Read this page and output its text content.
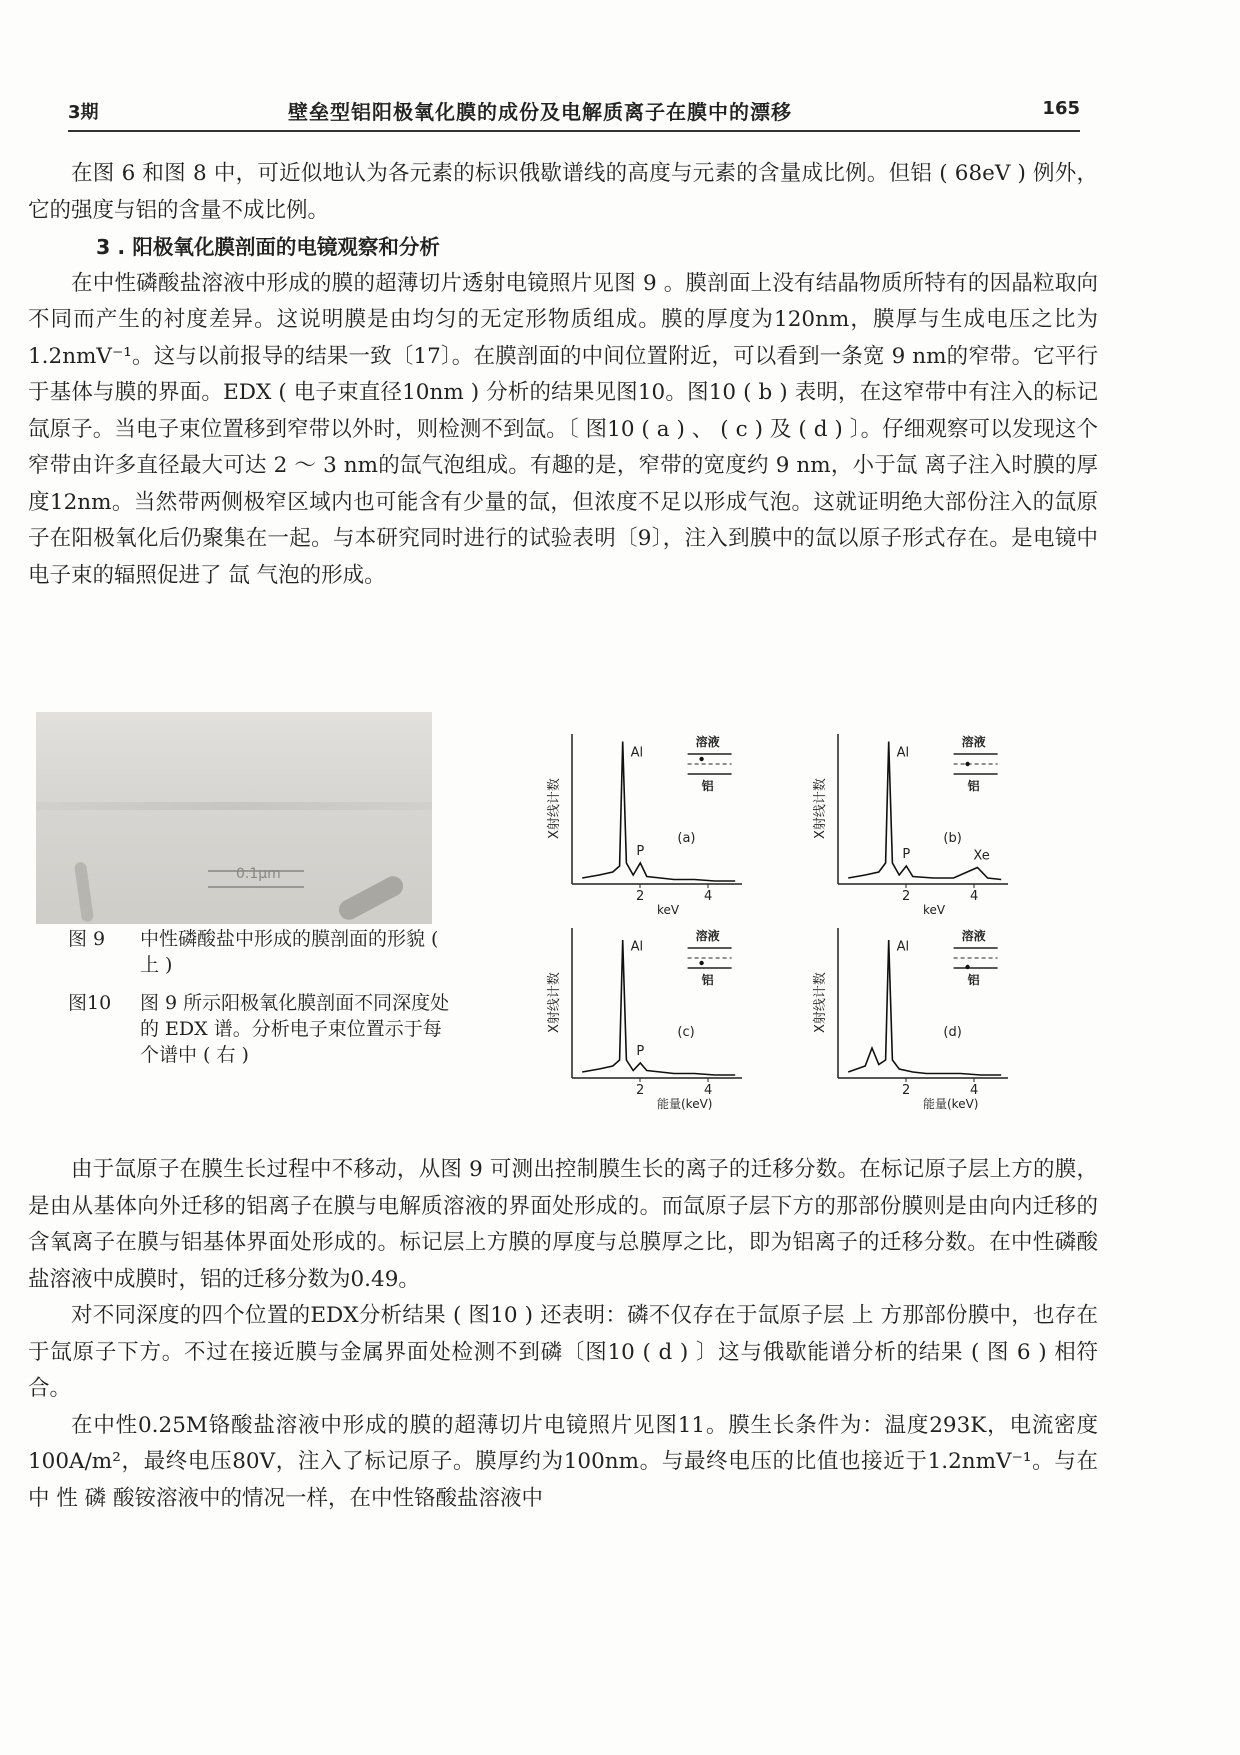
3期	壁垒型铝阳极氧化膜的成份及电解质离子在膜中的漂移	165

在图 6 和图 8 中，可近似地认为各元素的标识俄歇谱线的高度与元素的含量成比例。但铝 ( 68eV ) 例外，它的强度与铝的含量不成比例。

3 . 阳极氧化膜剖面的电镜观察和分析

在中性磷酸盐溶液中形成的膜的超薄切片透射电镜照片见图 9 。膜剖面上没有结晶物质所特有的因晶粒取向不同而产生的衬度差异。这说明膜是由均匀的无定形物质组成。膜的厚度为120nm，膜厚与生成电压之比为1.2nmV⁻¹。这与以前报导的结果一致〔17〕。在膜剖面的中间位置附近，可以看到一条宽 9 nm的窄带。它平行于基体与膜的界面。EDX ( 电子束直径10nm ) 分析的结果见图10。图10 ( b ) 表明，在这窄带中有注入的标记氙原子。当电子束位置移到窄带以外时，则检测不到氙。〔 图10 ( a ) 、 ( c ) 及 ( d ) 〕。仔细观察可以发现这个窄带由许多直径最大可达 2 ～ 3 nm的氙气泡组成。有趣的是，窄带的宽度约 9 nm，小于氙 离子注入时膜的厚度12nm。当然带两侧极窄区域内也可能含有少量的氙，但浓度不足以形成气泡。这就证明绝大部份注入的氙原子在阳极氧化后仍聚集在一起。与本研究同时进行的试验表明〔9〕，注入到膜中的氙以原子形式存在。是电镜中电子束的辐照促进了 氙 气泡的形成。

0.1μm
图 9	中性磷酸盐中形成的膜剖面的形貌 ( 上 )
图10	图 9 所示阳极氧化膜剖面不同深度处的 EDX 谱。分析电子束位置示于每个谱中 ( 右 )
X射线计数
Al
P
(a)
2	4
keV
溶液
铝	X射线计数
Al
P	Xe
(b)
2	4
keV
溶液
铝
X射线计数
Al
P
(c)
2	4
能量(keV)
溶液
铝	X射线计数
Al
(d)
2	4
能量(keV)
溶液
铝

由于氙原子在膜生长过程中不移动，从图 9 可测出控制膜生长的离子的迁移分数。在标记原子层上方的膜，是由从基体向外迁移的铝离子在膜与电解质溶液的界面处形成的。而氙原子层下方的那部份膜则是由向内迁移的含氧离子在膜与铝基体界面处形成的。标记层上方膜的厚度与总膜厚之比，即为铝离子的迁移分数。在中性磷酸盐溶液中成膜时，铝的迁移分数为0.49。

对不同深度的四个位置的EDX分析结果 ( 图10 ) 还表明：磷不仅存在于氙原子层 上 方那部份膜中，也存在于氙原子下方。不过在接近膜与金属界面处检测不到磷〔图10 ( d ) 〕这与俄歇能谱分析的结果 ( 图 6 ) 相符合。

在中性0.25M铬酸盐溶液中形成的膜的超薄切片电镜照片见图11。膜生长条件为：温度293K，电流密度100A/m²，最终电压80V，注入了标记原子。膜厚约为100nm。与最终电压的比值也接近于1.2nmV⁻¹。与在 中 性 磷 酸铵溶液中的情况一样，在中性铬酸盐溶液中
